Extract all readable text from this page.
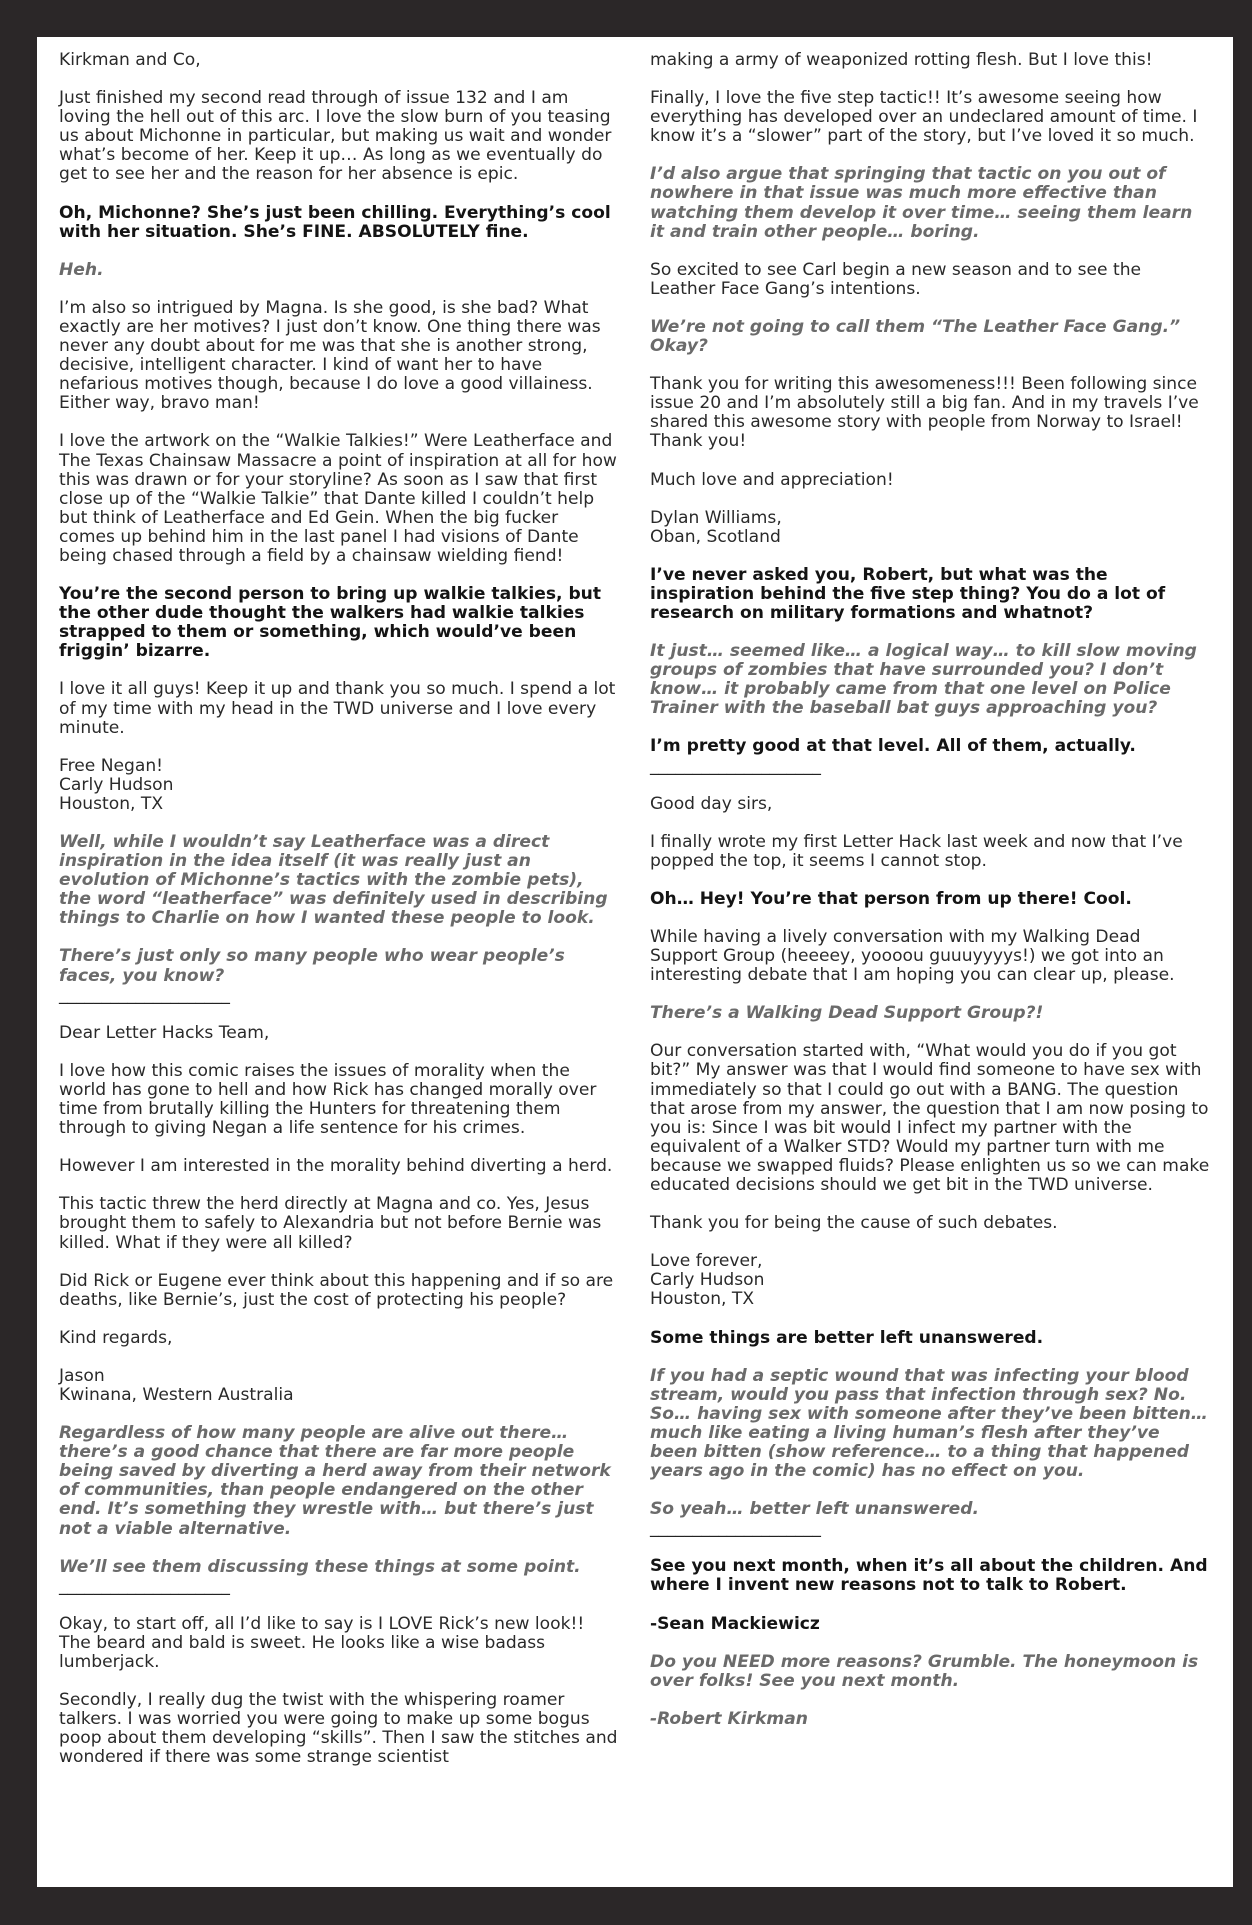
Kirkman and Co,
Just finished my second read through of issue 132 and I am loving the hell out of this arc. I love the slow burn of you teasing us about Michonne in particular, but making us wait and wonder what’s become of her. Keep it up… As long as we eventually do get to see her and the reason for her absence is epic.
Oh, Michonne? She’s just been chilling. Everything’s cool with her situation. She’s FINE. ABSOLUTELY fine.
Heh.
I’m also so intrigued by Magna. Is she good, is she bad? What exactly are her motives? I just don’t know. One thing there was never any doubt about for me was that she is another strong, decisive, intelligent character. I kind of want her to have nefarious motives though, because I do love a good villainess. Either way, bravo man!
I love the artwork on the “Walkie Talkies!” Were Leatherface and The Texas Chainsaw Massacre a point of inspiration at all for how this was drawn or for your storyline? As soon as I saw that first close up of the “Walkie Talkie” that Dante killed I couldn’t help but think of Leatherface and Ed Gein. When the big fucker comes up behind him in the last panel I had visions of Dante being chased through a field by a chainsaw wielding fiend!
You’re the second person to bring up walkie talkies, but the other dude thought the walkers had walkie talkies strapped to them or something, which would’ve been friggin’ bizarre.
I love it all guys! Keep it up and thank you so much. I spend a lot of my time with my head in the TWD universe and I love every minute.
Free Negan!
Carly Hudson
Houston, TX
Well, while I wouldn’t say Leatherface was a direct inspiration in the idea itself (it was really just an evolution of Michonne’s tactics with the zombie pets), the word “leatherface” was definitely used in describing things to Charlie on how I wanted these people to look.
There’s just only so many people who wear people’s faces, you know?
____________________
Dear Letter Hacks Team,
I love how this comic raises the issues of morality when the world has gone to hell and how Rick has changed morally over time from brutally killing the Hunters for threatening them through to giving Negan a life sentence for his crimes.
However I am interested in the morality behind diverting a herd.
This tactic threw the herd directly at Magna and co. Yes, Jesus brought them to safely to Alexandria but not before Bernie was killed. What if they were all killed?
Did Rick or Eugene ever think about this happening and if so are deaths, like Bernie’s, just the cost of protecting his people?
Kind regards,
Jason
Kwinana, Western Australia
Regardless of how many people are alive out there… there’s a good chance that there are far more people being saved by diverting a herd away from their network of communities, than people endangered on the other end. It’s something they wrestle with… but there’s just not a viable alternative.
We’ll see them discussing these things at some point.
____________________
Okay, to start off, all I’d like to say is I LOVE Rick’s new look!! The beard and bald is sweet. He looks like a wise badass lumberjack.
Secondly, I really dug the twist with the whispering roamer talkers. I was worried you were going to make up some bogus poop about them developing “skills”. Then I saw the stitches and wondered if there was some strange scientist
making a army of weaponized rotting flesh. But I love this!
Finally, I love the five step tactic!! It’s awesome seeing how everything has developed over an undeclared amount of time. I know it’s a “slower” part of the story, but I’ve loved it so much.
I’d also argue that springing that tactic on you out of nowhere in that issue was much more effective than watching them develop it over time… seeing them learn it and train other people… boring.
So excited to see Carl begin a new season and to see the Leather Face Gang’s intentions.
We’re not going to call them “The Leather Face Gang.” Okay?
Thank you for writing this awesomeness!!! Been following since issue 20 and I’m absolutely still a big fan. And in my travels I’ve shared this awesome story with people from Norway to Israel! Thank you!
Much love and appreciation!
Dylan Williams,
Oban, Scotland
I’ve never asked you, Robert, but what was the inspiration behind the five step thing? You do a lot of research on military formations and whatnot?
It just… seemed like… a logical way… to kill slow moving groups of zombies that have surrounded you? I don’t know… it probably came from that one level on Police Trainer with the baseball bat guys approaching you?
I’m pretty good at that level. All of them, actually.
____________________
Good day sirs,
I finally wrote my first Letter Hack last week and now that I’ve popped the top, it seems I cannot stop.
Oh… Hey! You’re that person from up there! Cool.
While having a lively conversation with my Walking Dead Support Group (heeeey, yoooou guuuyyyys!) we got into an interesting debate that I am hoping you can clear up, please.
There’s a Walking Dead Support Group?!
Our conversation started with, “What would you do if you got bit?” My answer was that I would find someone to have sex with immediately so that I could go out with a BANG. The question that arose from my answer, the question that I am now posing to you is: Since I was bit would I infect my partner with the equivalent of a Walker STD? Would my partner turn with me because we swapped fluids? Please enlighten us so we can make educated decisions should we get bit in the TWD universe.
Thank you for being the cause of such debates.
Love forever,
Carly Hudson
Houston, TX
Some things are better left unanswered.
If you had a septic wound that was infecting your blood stream, would you pass that infection through sex? No. So… having sex with someone after they’ve been bitten… much like eating a living human’s flesh after they’ve been bitten (show reference… to a thing that happened years ago in the comic) has no effect on you.
So yeah… better left unanswered.
____________________
See you next month, when it’s all about the children. And where I invent new reasons not to talk to Robert.
-Sean Mackiewicz
Do you NEED more reasons? Grumble. The honeymoon is over folks! See you next month.
-Robert Kirkman
